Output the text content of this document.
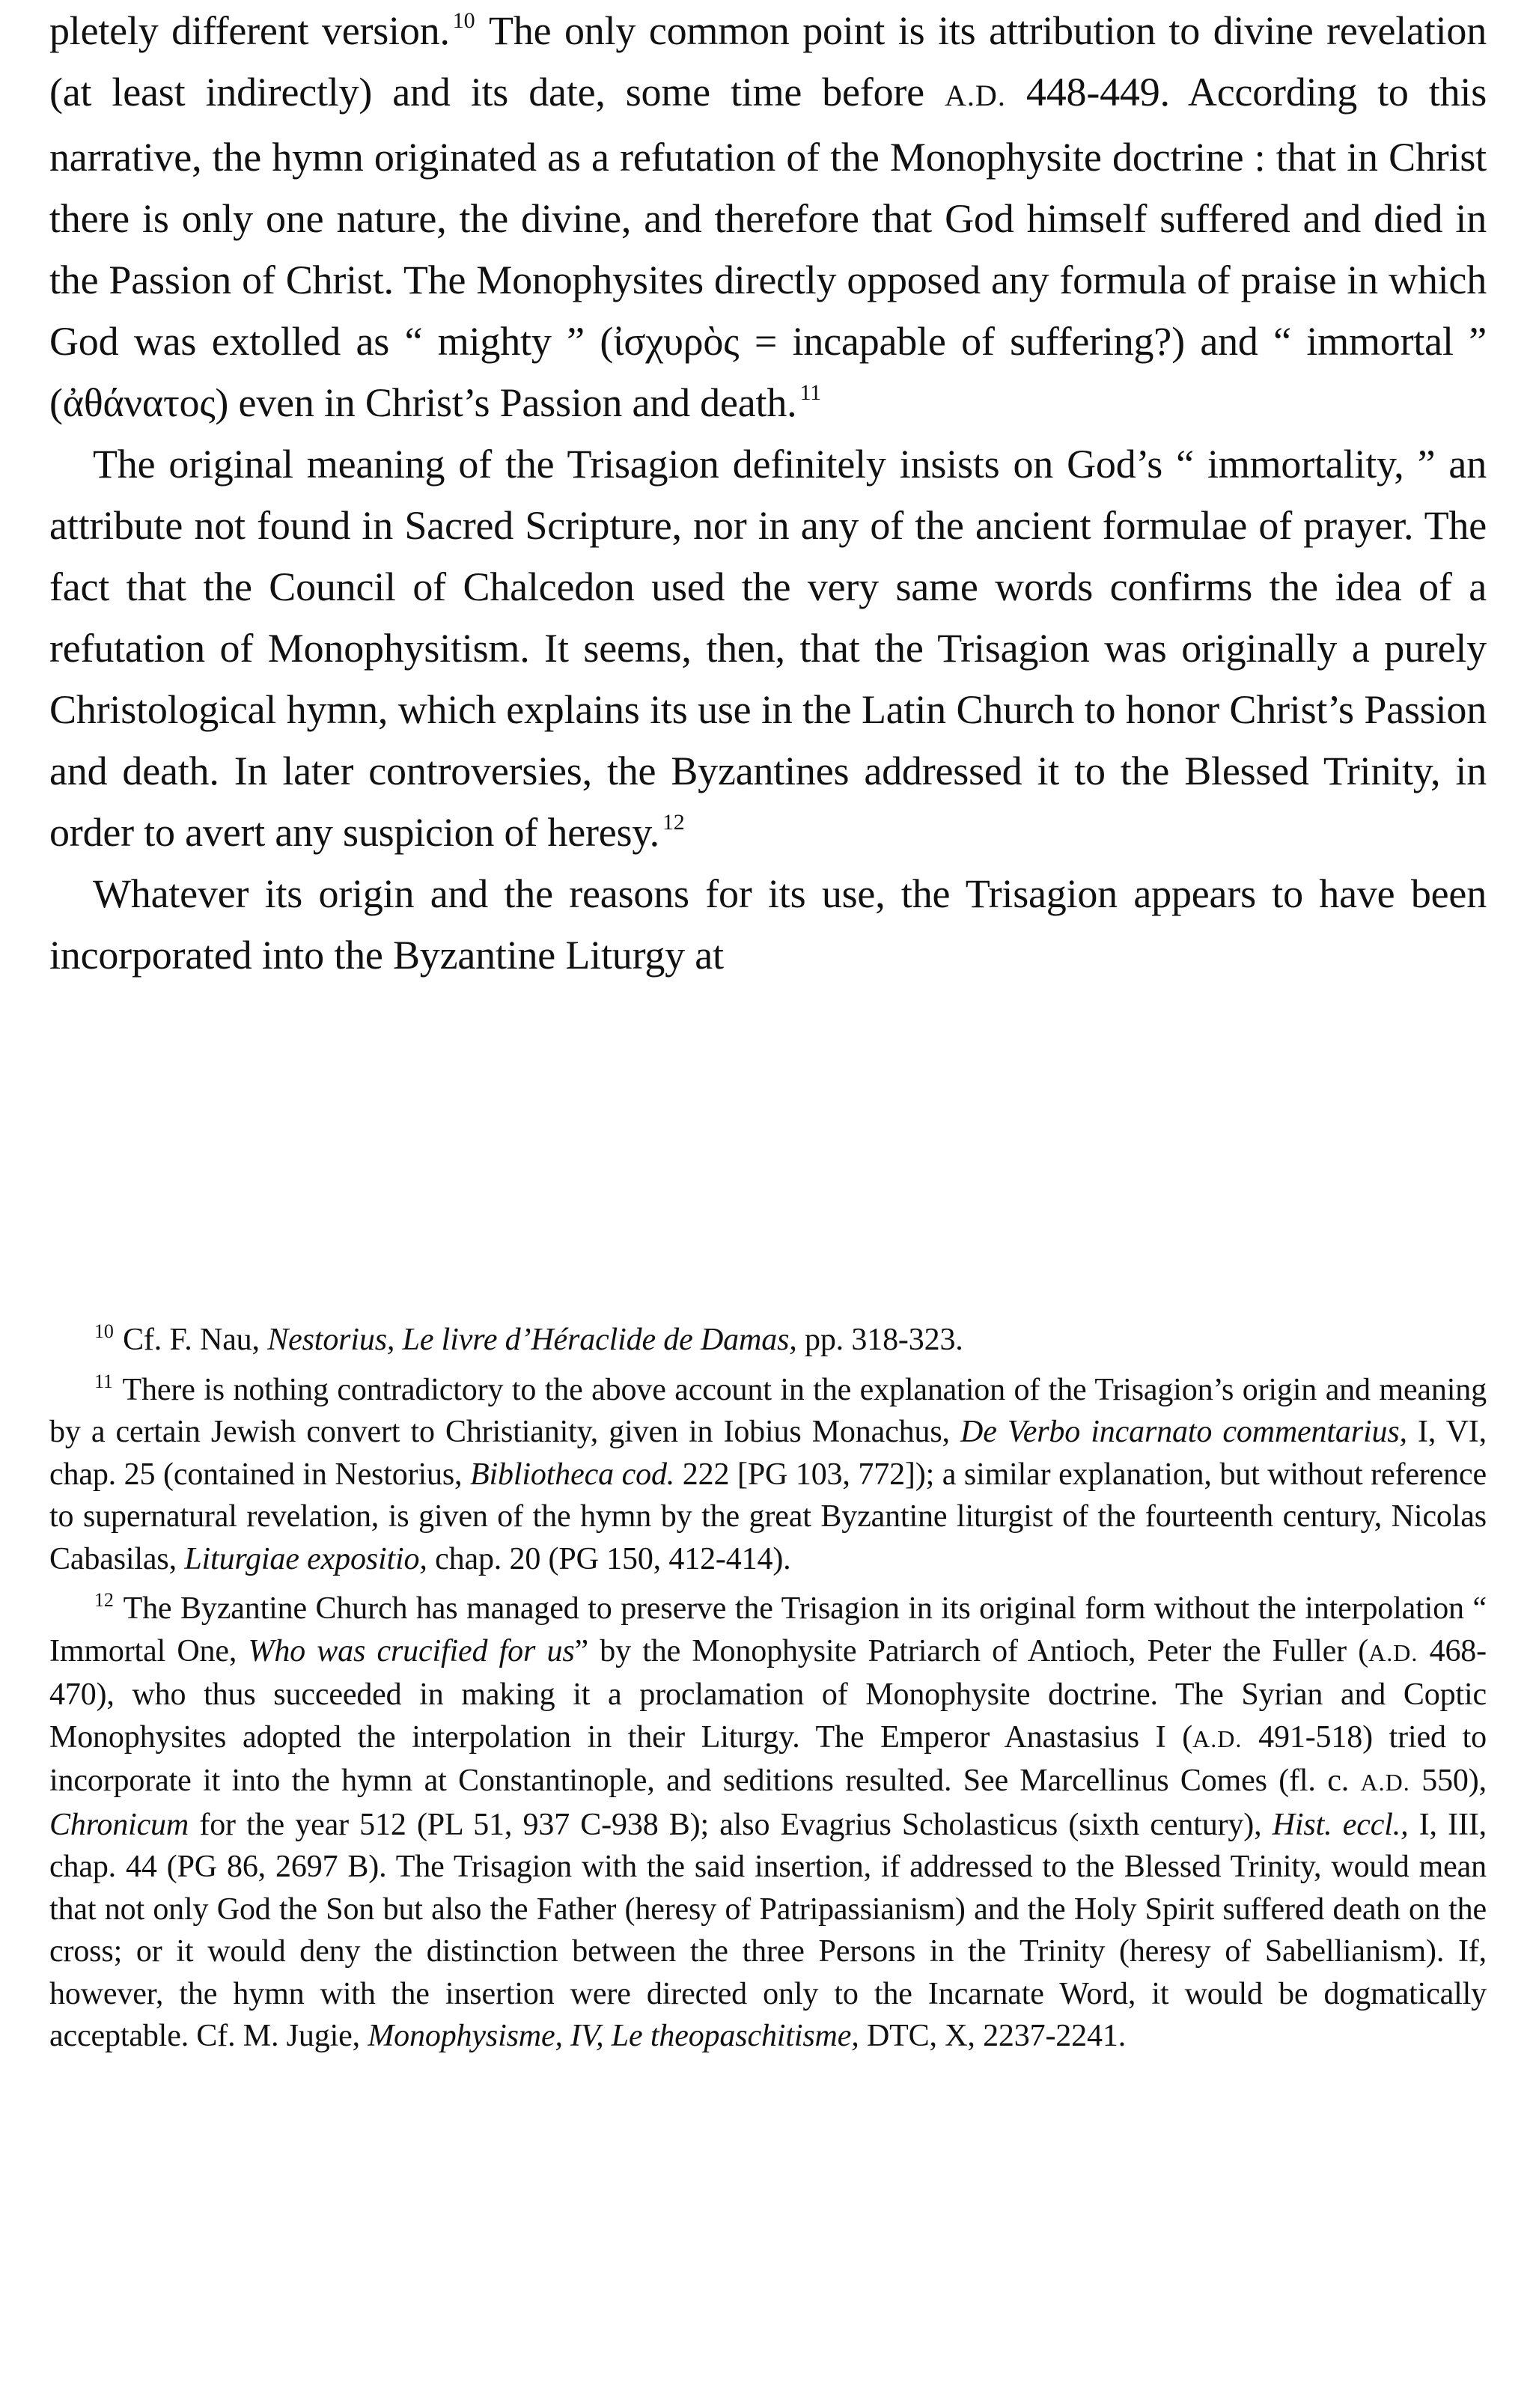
pletely different version. $^{10}$ The only common point is its attribution to divine revelation (at least indirectly) and its date, some time before A.D. 448-449. According to this narrative, the hymn originated as a refutation of the Monophysite doctrine : that in Christ there is only one nature, the divine, and therefore that God himself suffered and died in the Passion of Christ. The Monophysites directly opposed any formula of praise in which God was extolled as “ mighty ” (ἰσχυρὸς = incapable of suffering?) and “ immortal ” (ἀθάνατος) even in Christ’s Passion and death. $^{11}$

The original meaning of the Trisagion definitely insists on God’s “ immortality, ” an attribute not found in Sacred Scripture, nor in any of the ancient formulae of prayer. The fact that the Council of Chalcedon used the very same words confirms the idea of a refutation of Monophysitism. It seems, then, that the Trisagion was originally a purely Christological hymn, which explains its use in the Latin Church to honor Christ’s Passion and death. In later controversies, the Byzantines addressed it to the Blessed Trinity, in order to avert any suspicion of heresy. $^{12}$

Whatever its origin and the reasons for its use, the Trisagion appears to have been incorporated into the Byzantine Liturgy at

$^{10}$ Cf. F. Nau, Nestorius, Le livre d’Héraclide de Damas, pp. 318-323.

$^{11}$ There is nothing contradictory to the above account in the explanation of the Trisagion’s origin and meaning by a certain Jewish convert to Christianity, given in Iobius Monachus, De Verbo incarnato commentarius, I, VI, chap. 25 (contained in Nestorius, Bibliotheca cod. 222 [PG 103, 772]); a similar explanation, but without reference to supernatural revelation, is given of the hymn by the great Byzantine liturgist of the fourteenth century, Nicolas Cabasilas, Liturgiae expositio, chap. 20 (PG 150, 412-414).

$^{12}$ The Byzantine Church has managed to preserve the Trisagion in its original form without the interpolation “ Immortal One, Who was crucified for us” by the Monophysite Patriarch of Antioch, Peter the Fuller (A.D. 468-470), who thus succeeded in making it a proclamation of Monophysite doctrine. The Syrian and Coptic Monophysites adopted the interpolation in their Liturgy. The Emperor Anastasius I (A.D. 491-518) tried to incorporate it into the hymn at Constantinople, and seditions resulted. See Marcellinus Comes (fl. c. A.D. 550), Chronicum for the year 512 (PL 51, 937 C-938 B); also Evagrius Scholasticus (sixth century), Hist. eccl., I, III, chap. 44 (PG 86, 2697 B). The Trisagion with the said insertion, if addressed to the Blessed Trinity, would mean that not only God the Son but also the Father (heresy of Patripassianism) and the Holy Spirit suffered death on the cross; or it would deny the distinction between the three Persons in the Trinity (heresy of Sabellianism). If, however, the hymn with the insertion were directed only to the Incarnate Word, it would be dogmatically acceptable. Cf. M. Jugie, Monophysisme, IV, Le theopaschitisme, DTC, X, 2237-2241.
